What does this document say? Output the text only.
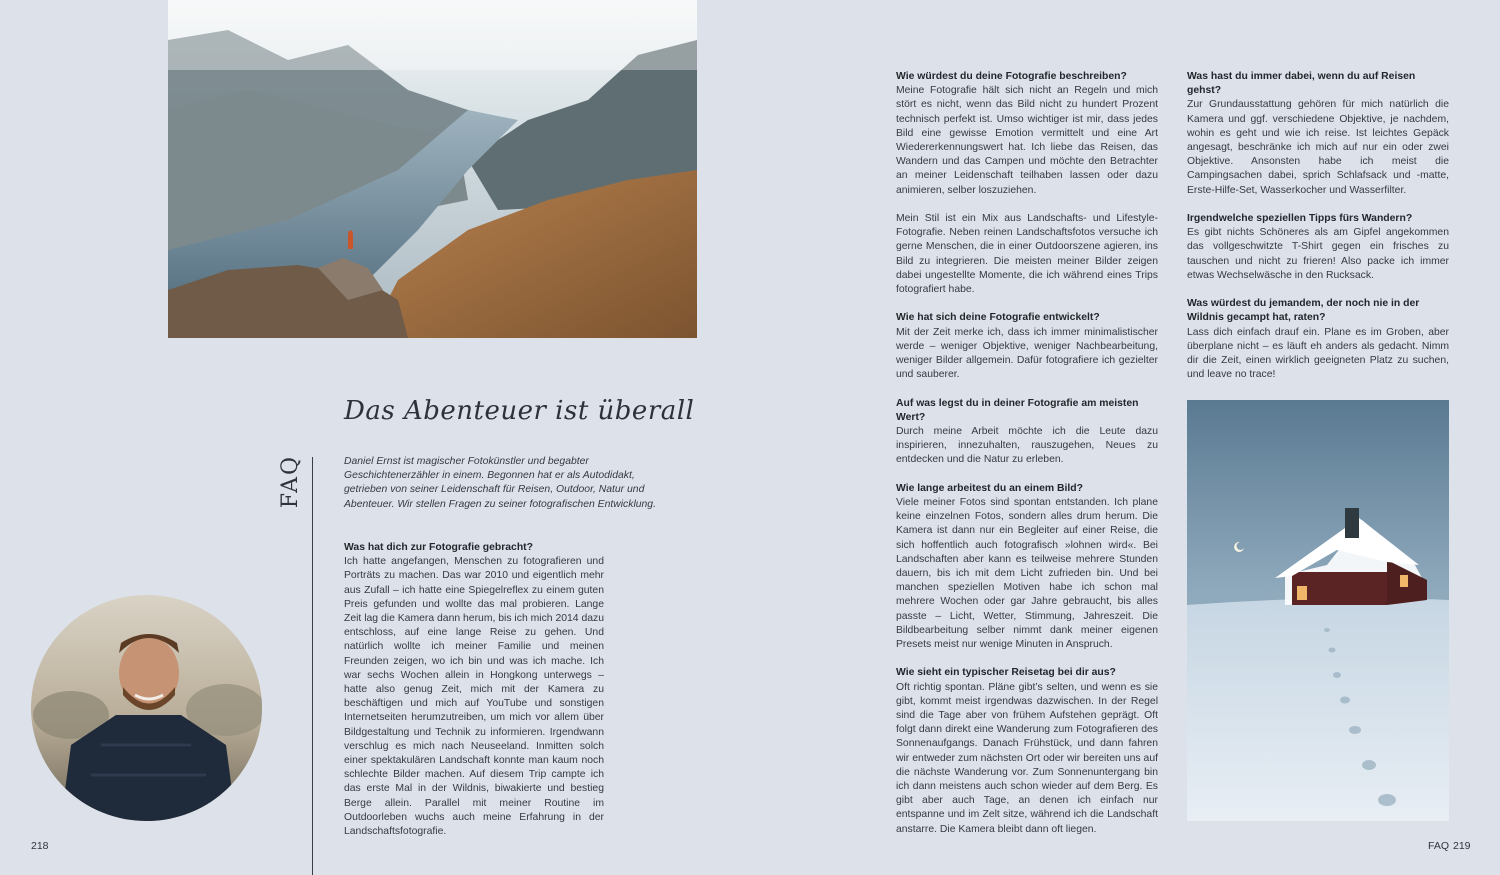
FAQ
Das Abenteuer ist überall
Daniel Ernst ist magischer Fotokünstler und begabter Geschichtenerzähler in einem. Begonnen hat er als Autodidakt, getrieben von seiner Leidenschaft für Reisen, Outdoor, Natur und Abenteuer. Wir stellen Fragen zu seiner fotografischen Entwicklung.

Was hat dich zur Fotografie gebracht?

Ich hatte angefangen, Menschen zu fotografieren und Porträts zu machen. Das war 2010 und eigentlich mehr aus Zufall – ich hatte eine Spiegelreflex zu einem guten Preis gefunden und wollte das mal probieren. Lange Zeit lag die Kamera dann herum, bis ich mich 2014 dazu entschloss, auf eine lange Reise zu gehen. Und natürlich wollte ich meiner Familie und meinen Freunden zeigen, wo ich bin und was ich mache. Ich war sechs Wochen allein in Hongkong unterwegs – hatte also genug Zeit, mich mit der Kamera zu beschäftigen und mich auf YouTube und sonstigen Internetseiten herumzutreiben, um mich vor allem über Bildgestaltung und Technik zu informieren. Irgendwann verschlug es mich nach Neuseeland. Inmitten solch einer spektakulären Landschaft konnte man kaum noch schlechte Bilder machen. Auf diesem Trip campte ich das erste Mal in der Wildnis, biwakierte und bestieg Berge allein. Parallel mit meiner Routine im Outdoorleben wuchs auch meine Erfahrung in der Landschaftsfotografie.

218

Wie würdest du deine Fotografie beschreiben?

Meine Fotografie hält sich nicht an Regeln und mich stört es nicht, wenn das Bild nicht zu hundert Prozent technisch perfekt ist. Umso wichtiger ist mir, dass jedes Bild eine gewisse Emotion vermittelt und eine Art Wiedererkennungswert hat. Ich liebe das Reisen, das Wandern und das Campen und möchte den Betrachter an meiner Leidenschaft teilhaben lassen oder dazu animieren, selber loszuziehen.

Mein Stil ist ein Mix aus Landschafts- und Lifestyle-Fotografie. Neben reinen Landschaftsfotos versuche ich gerne Menschen, die in einer Outdoorszene agieren, ins Bild zu integrieren. Die meisten meiner Bilder zeigen dabei ungestellte Momente, die ich während eines Trips fotografiert habe.

Wie hat sich deine Fotografie entwickelt?

Mit der Zeit merke ich, dass ich immer minimalistischer werde – weniger Objektive, weniger Nachbearbeitung, weniger Bilder allgemein. Dafür fotografiere ich gezielter und sauberer.

Auf was legst du in deiner Fotografie am meisten Wert?

Durch meine Arbeit möchte ich die Leute dazu inspirieren, innezuhalten, rauszugehen, Neues zu entdecken und die Natur zu erleben.

Wie lange arbeitest du an einem Bild?

Viele meiner Fotos sind spontan entstanden. Ich plane keine einzelnen Fotos, sondern alles drum herum. Die Kamera ist dann nur ein Begleiter auf einer Reise, die sich hoffentlich auch fotografisch »lohnen wird«. Bei Landschaften aber kann es teilweise mehrere Stunden dauern, bis ich mit dem Licht zufrieden bin. Und bei manchen speziellen Motiven habe ich schon mal mehrere Wochen oder gar Jahre gebraucht, bis alles passte – Licht, Wetter, Stimmung, Jahreszeit. Die Bildbearbeitung selber nimmt dank meiner eigenen Presets meist nur wenige Minuten in Anspruch.

Wie sieht ein typischer Reisetag bei dir aus?

Oft richtig spontan. Pläne gibt’s selten, und wenn es sie gibt, kommt meist irgendwas dazwischen. In der Regel sind die Tage aber von frühem Aufstehen geprägt. Oft folgt dann direkt eine Wanderung zum Fotografieren des Sonnenaufgangs. Danach Frühstück, und dann fahren wir entweder zum nächsten Ort oder wir bereiten uns auf die nächste Wanderung vor. Zum Sonnenuntergang bin ich dann meistens auch schon wieder auf dem Berg. Es gibt aber auch Tage, an denen ich einfach nur entspanne und im Zelt sitze, während ich die Landschaft anstarre. Die Kamera bleibt dann oft liegen.

Was hast du immer dabei, wenn du auf Reisen gehst?

Zur Grundausstattung gehören für mich natürlich die Kamera und ggf. verschiedene Objektive, je nachdem, wohin es geht und wie ich reise. Ist leichtes Gepäck angesagt, beschränke ich mich auf nur ein oder zwei Objektive. Ansonsten habe ich meist die Campingsachen dabei, sprich Schlafsack und -matte, Erste-Hilfe-Set, Wasserkocher und Wasserfilter.

Irgendwelche speziellen Tipps fürs Wandern?

Es gibt nichts Schöneres als am Gipfel angekommen das vollgeschwitzte T-Shirt gegen ein frisches zu tauschen und nicht zu frieren! Also packe ich immer etwas Wechselwäsche in den Rucksack.

Was würdest du jemandem, der noch nie in der Wildnis gecampt hat, raten?

Lass dich einfach drauf ein. Plane es im Groben, aber überplane nicht – es läuft eh anders als gedacht. Nimm dir die Zeit, einen wirklich geeigneten Platz zu suchen, und leave no trace!

FAQ 219
